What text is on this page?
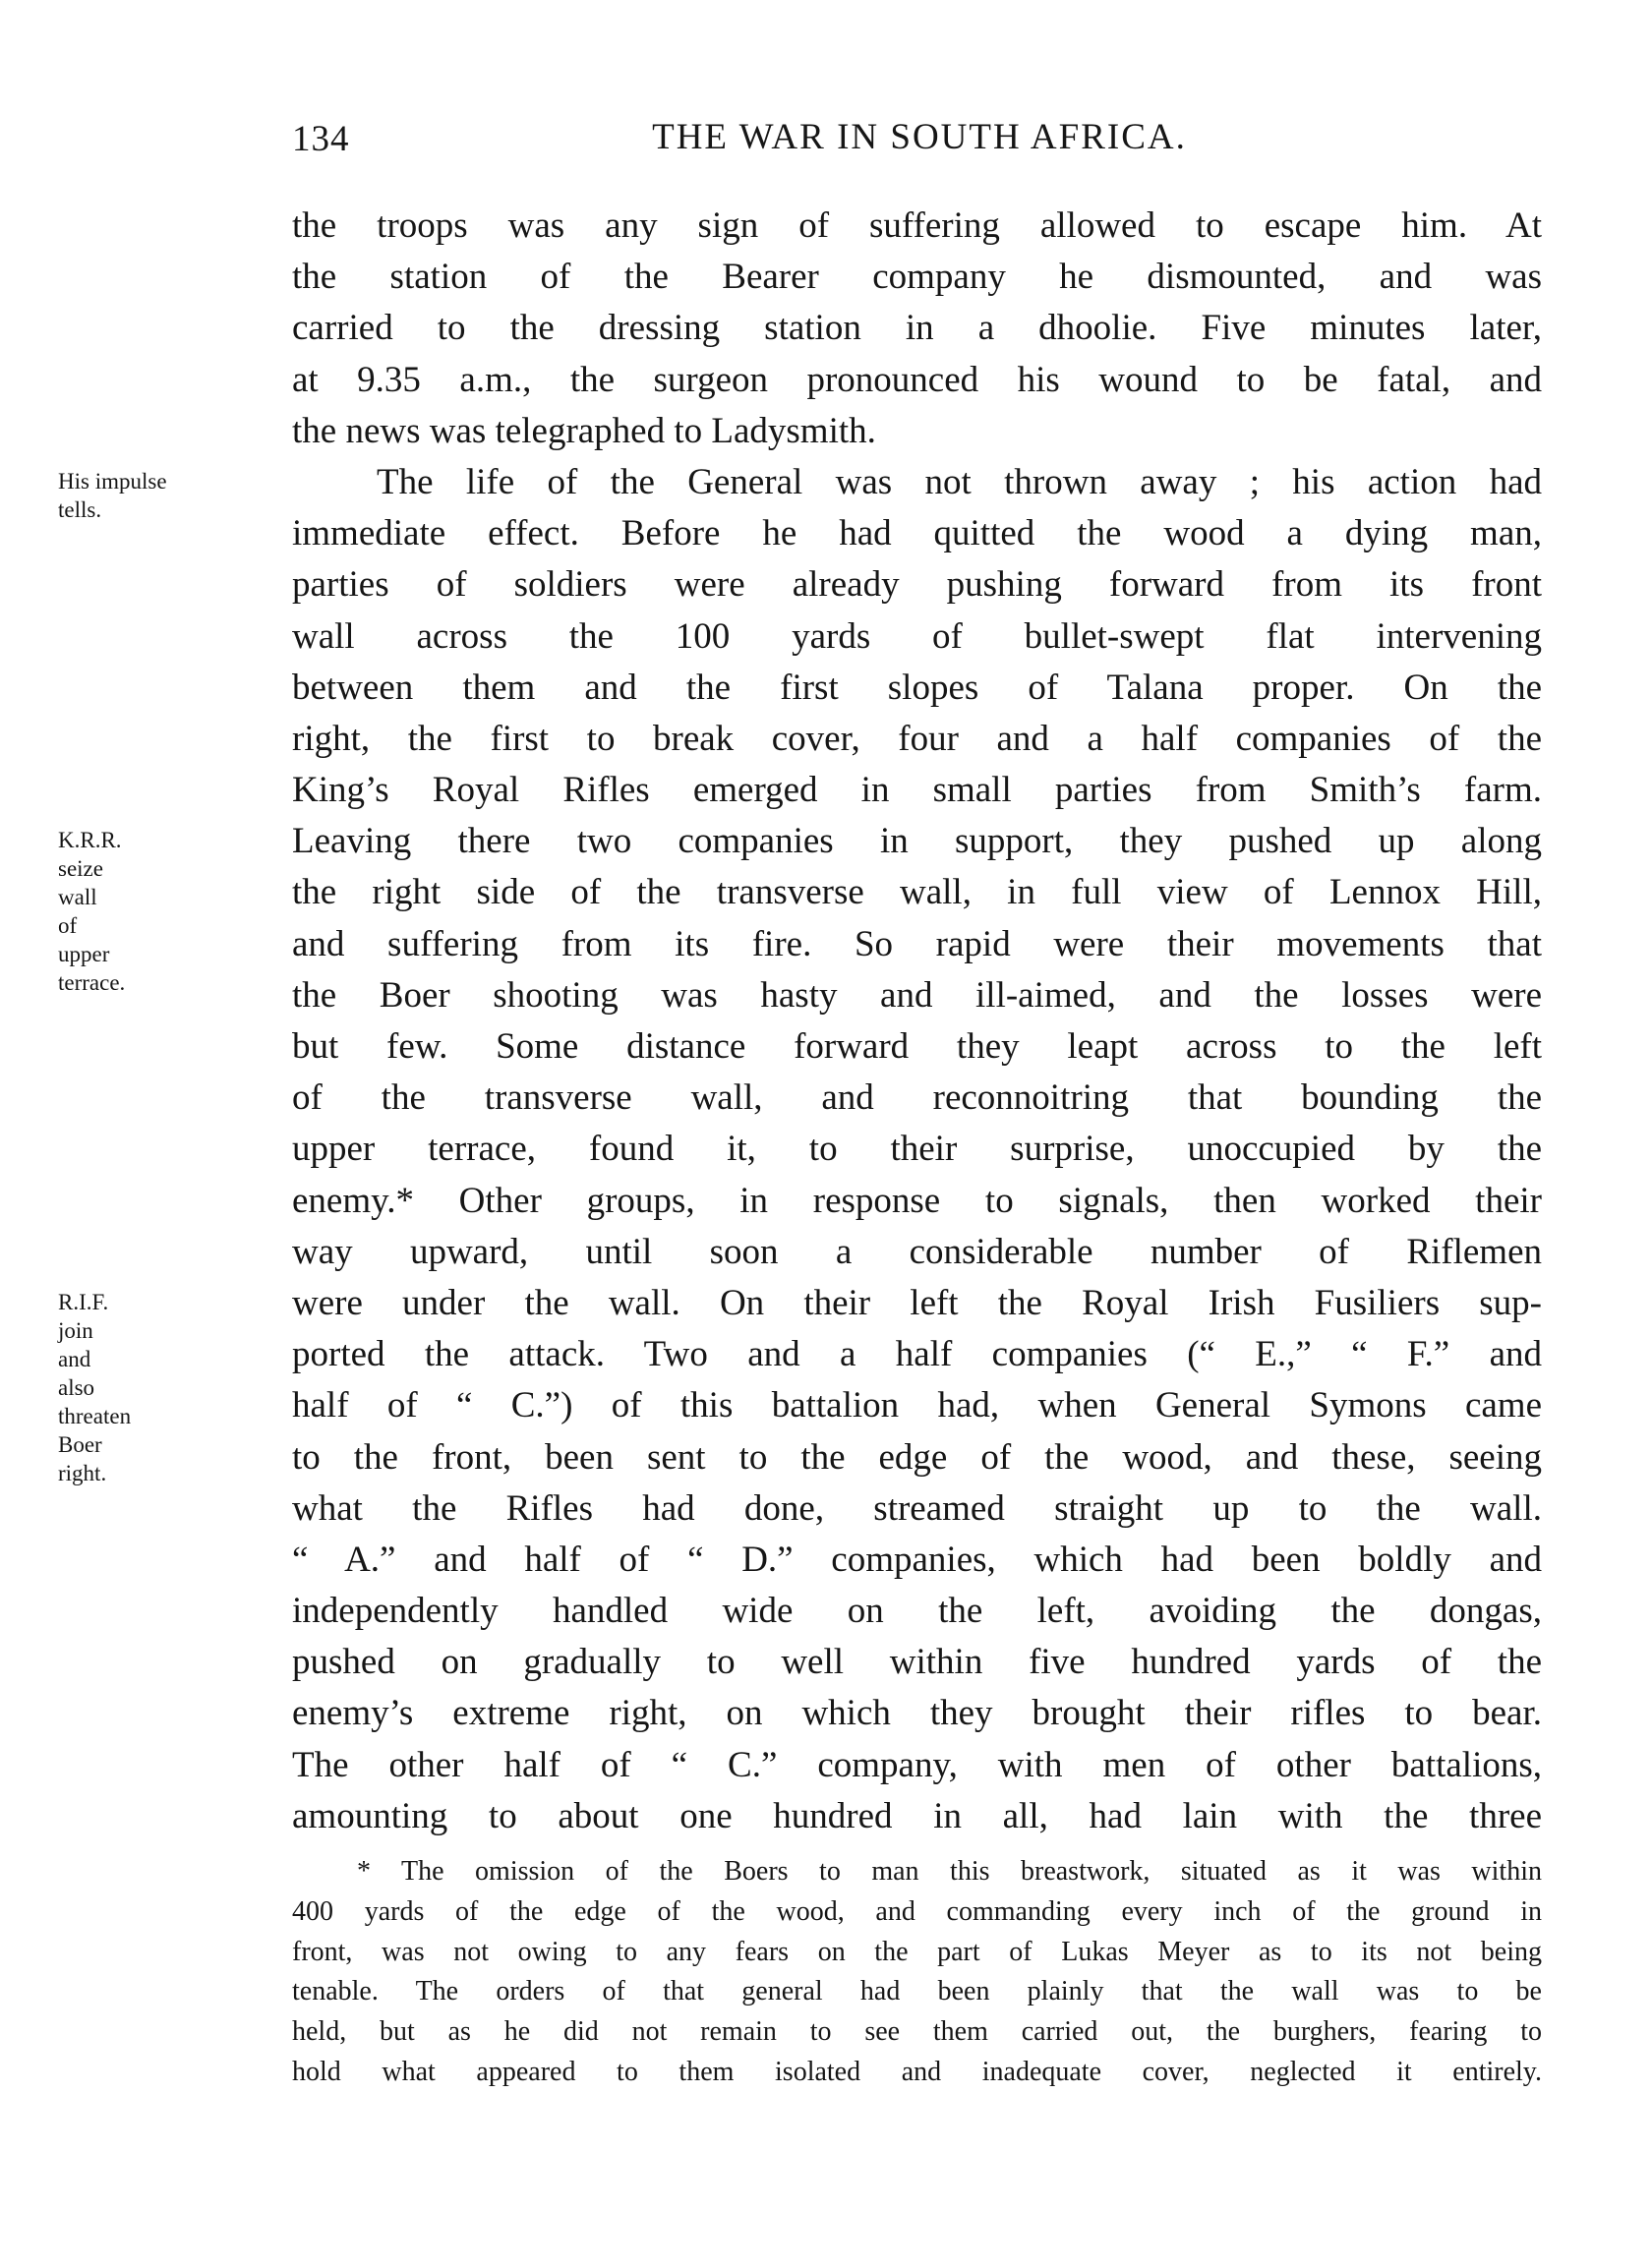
134	THE WAR IN SOUTH AFRICA.
the troops was any sign of suffering allowed to escape him. At
the station of the Bearer company he dismounted, and was
carried to the dressing station in a dhoolie. Five minutes later,
at 9.35 a.m., the surgeon pronounced his wound to be fatal, and
the news was telegraphed to Ladysmith.
The life of the General was not thrown away ; his action had
immediate effect. Before he had quitted the wood a dying man,
parties of soldiers were already pushing forward from its front
wall across the 100 yards of bullet-swept flat intervening
between them and the first slopes of Talana proper. On the
right, the first to break cover, four and a half companies of the
King’s Royal Rifles emerged in small parties from Smith’s farm.
Leaving there two companies in support, they pushed up along
the right side of the transverse wall, in full view of Lennox Hill,
and suffering from its fire. So rapid were their movements that
the Boer shooting was hasty and ill-aimed, and the losses were
but few. Some distance forward they leapt across to the left
of the transverse wall, and reconnoitring that bounding the
upper terrace, found it, to their surprise, unoccupied by the
enemy.* Other groups, in response to signals, then worked their
way upward, until soon a considerable number of Riflemen
were under the wall. On their left the Royal Irish Fusiliers sup-
ported the attack. Two and a half companies (“ E.,” “ F.” and
half of “ C.”) of this battalion had, when General Symons came
to the front, been sent to the edge of the wood, and these, seeing
what the Rifles had done, streamed straight up to the wall.
“ A.” and half of “ D.” companies, which had been boldly and
independently handled wide on the left, avoiding the dongas,
pushed on gradually to well within five hundred yards of the
enemy’s extreme right, on which they brought their rifles to bear.
The other half of “ C.” company, with men of other battalions,
amounting to about one hundred in all, had lain with the three
His impulse
tells.
K.R.R.
seize
wall
of
upper
terrace.
R.I.F.
join
and
also
threaten
Boer
right.
* The omission of the Boers to man this breastwork, situated as it was within
400 yards of the edge of the wood, and commanding every inch of the ground in
front, was not owing to any fears on the part of Lukas Meyer as to its not being
tenable. The orders of that general had been plainly that the wall was to be
held, but as he did not remain to see them carried out, the burghers, fearing to
hold what appeared to them isolated and inadequate cover, neglected it entirely.
